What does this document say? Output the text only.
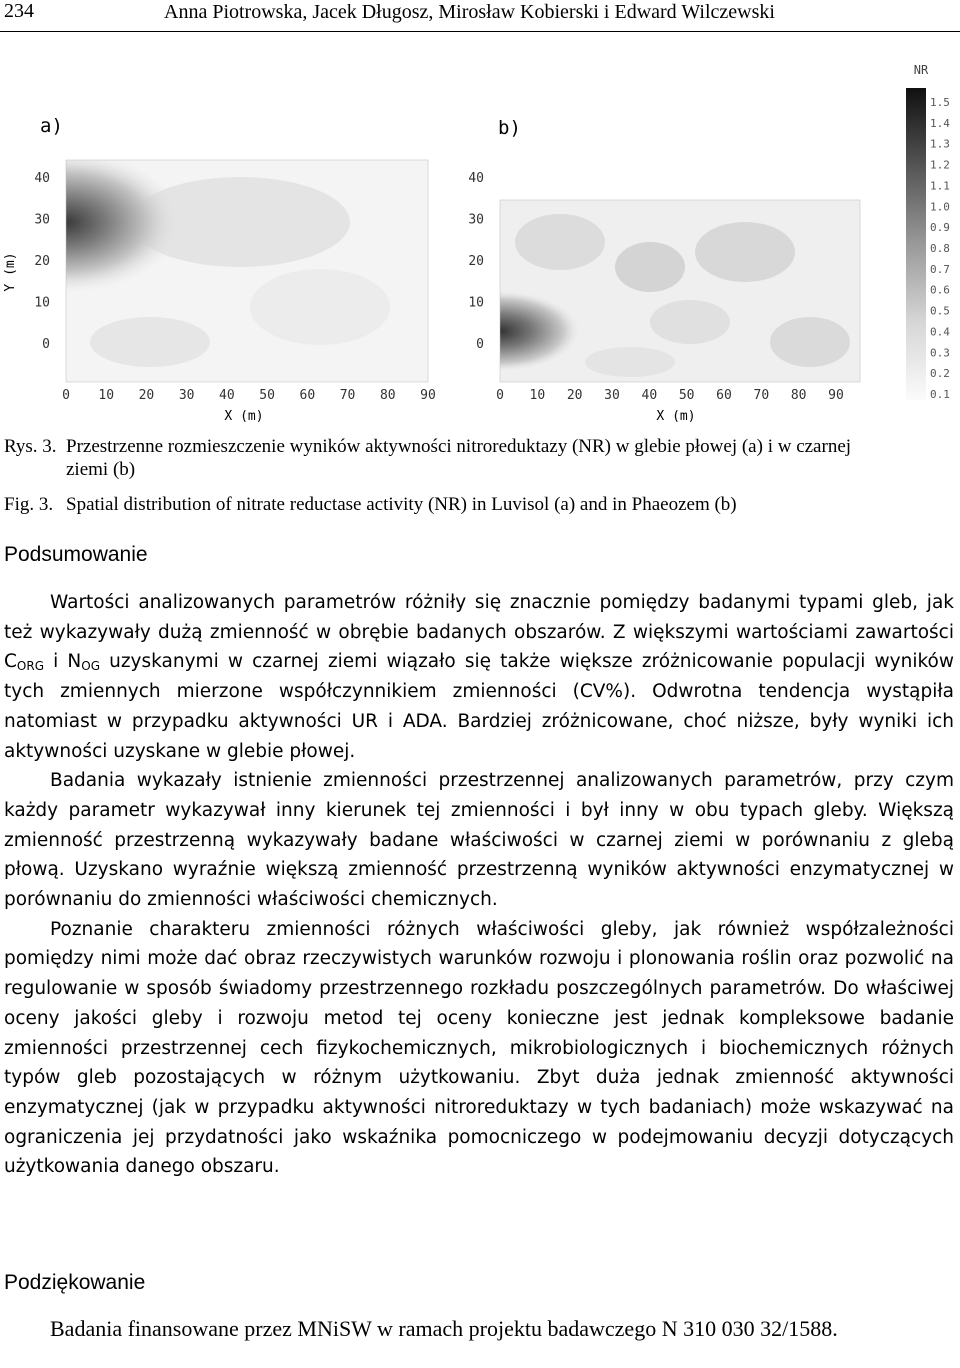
234	Anna Piotrowska, Jacek Długosz, Mirosław Kobierski i Edward Wilczewski
a)
Y (m)
40
30
20
10
0
0 10 20 30 40 50 60 70 80 90
X (m)
b)
40
30
20
10
0
0 10 20 30 40 50 60 70 80 90
X (m)
NR
1.5
1.4
1.3
1.2
1.1
1.0
0.9
0.8
0.7
0.6
0.5
0.4
0.3
0.2
0.1
Rys. 3. Przestrzenne rozmieszczenie wyników aktywności nitroreduktazy (NR) w glebie płowej (a) i w czarnej
ziemi (b)
Fig. 3. Spatial distribution of nitrate reductase activity (NR) in Luvisol (a) and in Phaeozem (b)
Podsumowanie

Wartości analizowanych parametrów różniły się znacznie pomiędzy badanymi typami gleb, jak też wykazywały dużą zmienność w obrębie badanych obszarów. Z większymi wartościami zawartości $C_{ORG}$ i $N_{OG}$ uzyskanymi w czarnej ziemi wiązało się także większe zróżnicowanie populacji wyników tych zmiennych mierzone współczynnikiem zmienności (CV%). Odwrotna tendencja wystąpiła natomiast w przypadku aktywności UR i ADA. Bardziej zróżnicowane, choć niższe, były wyniki ich aktywności uzyskane w glebie płowej.

Badania wykazały istnienie zmienności przestrzennej analizowanych parametrów, przy czym każdy parametr wykazywał inny kierunek tej zmienności i był inny w obu typach gleby. Większą zmienność przestrzenną wykazywały badane właściwości w czarnej ziemi w porównaniu z glebą płową. Uzyskano wyraźnie większą zmienność przestrzenną wyników aktywności enzymatycznej w porównaniu do zmienności właściwości chemicznych.

Poznanie charakteru zmienności różnych właściwości gleby, jak również współzależności pomiędzy nimi może dać obraz rzeczywistych warunków rozwoju i plonowania roślin oraz pozwolić na regulowanie w sposób świadomy przestrzennego rozkładu poszczególnych parametrów. Do właściwej oceny jakości gleby i rozwoju metod tej oceny konieczne jest jednak kompleksowe badanie zmienności przestrzennej cech fizykochemicznych, mikrobiologicznych i biochemicznych różnych typów gleb pozostających w różnym użytkowaniu. Zbyt duża jednak zmienność aktywności enzymatycznej (jak w przypadku aktywności nitroreduktazy w tych badaniach) może wskazywać na ograniczenia jej przydatności jako wskaźnika pomocniczego w podejmowaniu decyzji dotyczących użytkowania danego obszaru.

Podziękowanie

Badania finansowane przez MNiSW w ramach projektu badawczego N 310 030 32/1588.
